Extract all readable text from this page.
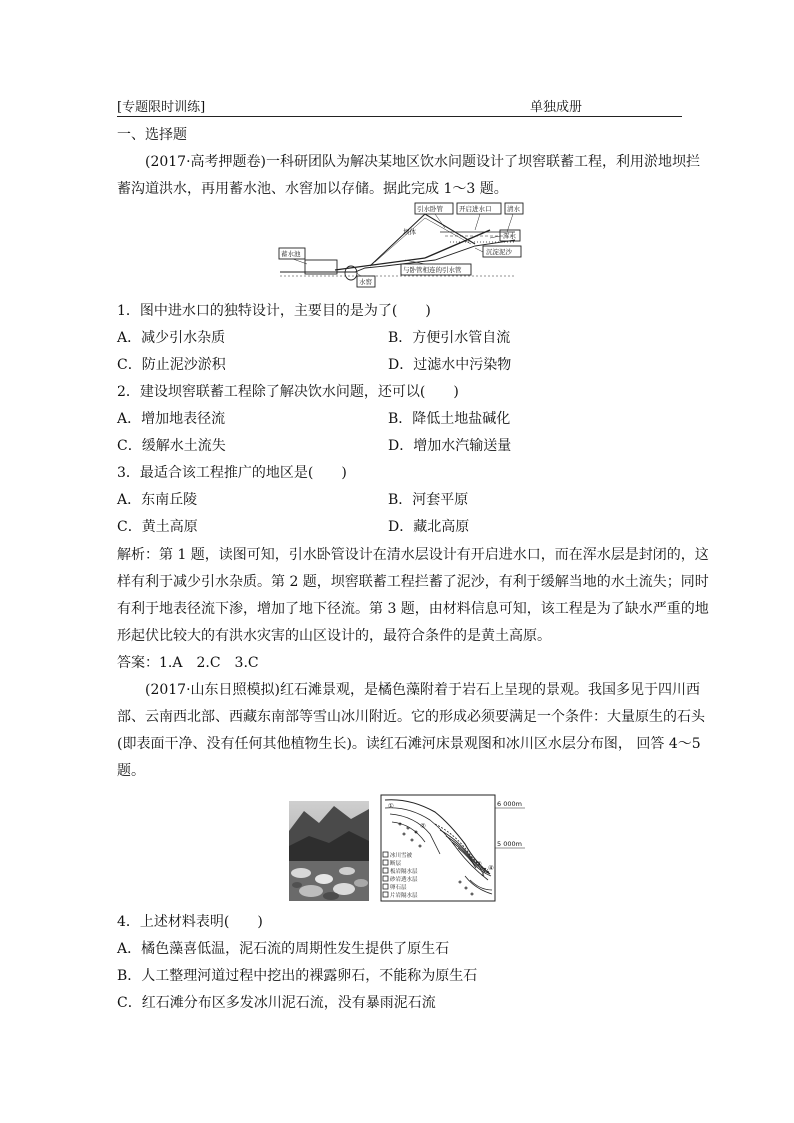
[专题限时训练]	单独成册
一、选择题
(2017·高考押题卷)一科研团队为解决某地区饮水问题设计了坝窖联蓄工程，利用淤地坝拦
蓄沟道洪水，再用蓄水池、水窖加以存储。据此完成 1～3 题。
引水卧管 开启进水口 清水
坝体	浑水
沉淀泥沙
蓄水池
水窖
与卧管相连的引水管
1．图中进水口的独特设计，主要目的是为了(　　)
A．减少引水杂质	B．方便引水管自流
C．防止泥沙淤积	D．过滤水中污染物
2．建设坝窖联蓄工程除了解决饮水问题，还可以(　　)
A．增加地表径流	B．降低土地盐碱化
C．缓解水土流失	D．增加水汽输送量
3．最适合该工程推广的地区是(　　)
A．东南丘陵	B．河套平原
C．黄土高原	D．藏北高原
解析：第 1 题，读图可知，引水卧管设计在清水层设计有开启进水口，而在浑水层是封闭的，这
样有利于减少引水杂质。第 2 题，坝窖联蓄工程拦蓄了泥沙，有利于缓解当地的水土流失；同时
有利于地表径流下渗，增加了地下径流。第 3 题，由材料信息可知，该工程是为了缺水严重的地
形起伏比较大的有洪水灾害的山区设计的，最符合条件的是黄土高原。
答案：1.A　2.C　3.C
(2017·山东日照模拟)红石滩景观，是橘色藻附着于岩石上呈现的景观。我国多见于四川西
部、云南西北部、西藏东南部等雪山冰川附近。它的形成必须要满足一个条件：大量原生的石头
(即表面干净、没有任何其他植物生长)。读红石滩河床景观图和冰川区水层分布图， 回答 4～5
题。
6 000m
5 000m
①
②
③ ④
冰川雪被
断层
板岩隔水层
砂岩透水层
卵石层
片岩隔水层
4．上述材料表明(　　)
A．橘色藻喜低温，泥石流的周期性发生提供了原生石
B．人工整理河道过程中挖出的裸露卵石，不能称为原生石
C．红石滩分布区多发冰川泥石流，没有暴雨泥石流
